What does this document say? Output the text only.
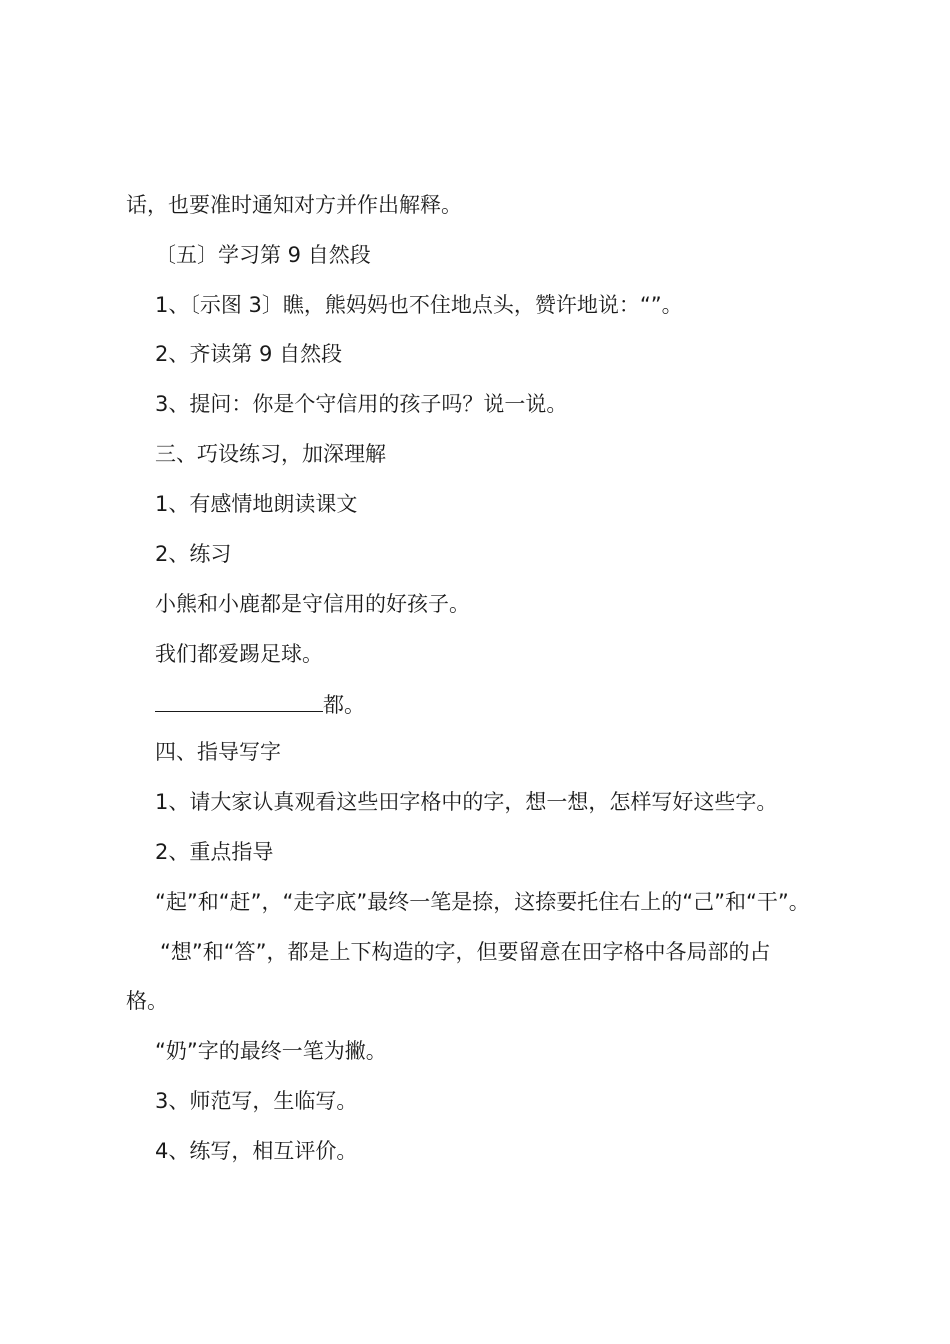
话，也要准时通知对方并作出解释。

〔五〕学习第 9 自然段

1、〔示图 3〕瞧，熊妈妈也不住地点头，赞许地说：“”。

2、齐读第 9 自然段

3、提问：你是个守信用的孩子吗？说一说。

三、巧设练习，加深理解

1、有感情地朗读课文

2、练习

小熊和小鹿都是守信用的好孩子。

我们都爱踢足球。

都。

四、指导写字

1、请大家认真观看这些田字格中的字，想一想，怎样写好这些字。

2、重点指导

“起”和“赶”，“走字底”最终一笔是捺，这捺要托住右上的“己”和“干”。

“想”和“答”，都是上下构造的字，但要留意在田字格中各局部的占

格。

“奶”字的最终一笔为撇。

3、师范写，生临写。

4、练写，相互评价。
